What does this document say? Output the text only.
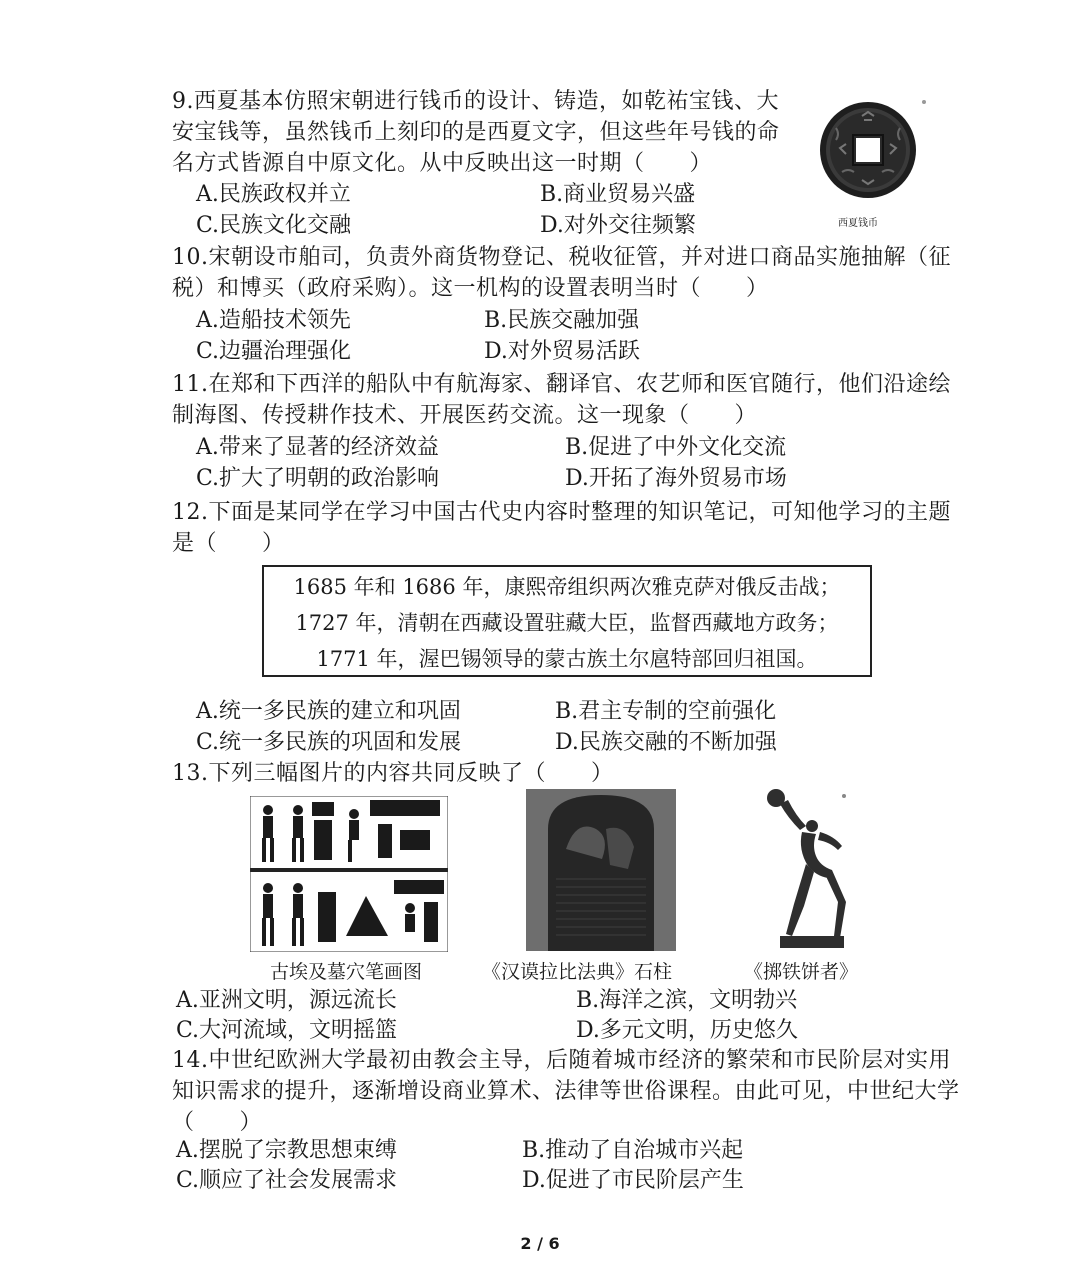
9.西夏基本仿照宋朝进行钱币的设计、铸造，如乾祐宝钱、大安宝钱等，虽然钱币上刻印的是西夏文字，但这些年号钱的命名方式皆源自中原文化。从中反映出这一时期（　　）
A.民族政权并立	B.商业贸易兴盛
C.民族文化交融	D.对外交往频繁	西夏钱币
10.宋朝设市舶司，负责外商货物登记、税收征管，并对进口商品实施抽解（征税）和博买（政府采购）。这一机构的设置表明当时（　　）
A.造船技术领先	B.民族交融加强
C.边疆治理强化	D.对外贸易活跃
11.在郑和下西洋的船队中有航海家、翻译官、农艺师和医官随行，他们沿途绘制海图、传授耕作技术、开展医药交流。这一现象（　　）
A.带来了显著的经济效益	B.促进了中外文化交流
C.扩大了明朝的政治影响	D.开拓了海外贸易市场
12.下面是某同学在学习中国古代史内容时整理的知识笔记，可知他学习的主题是（　　）
1685 年和 1686 年，康熙帝组织两次雅克萨对俄反击战；
1727 年，清朝在西藏设置驻藏大臣，监督西藏地方政务；
1771 年，渥巴锡领导的蒙古族土尔扈特部回归祖国。
A.统一多民族的建立和巩固	B.君主专制的空前强化
C.统一多民族的巩固和发展	D.民族交融的不断加强
13.下列三幅图片的内容共同反映了（　　）
古埃及墓穴笔画图	《汉谟拉比法典》石柱	《掷铁饼者》
A.亚洲文明，源远流长	B.海洋之滨，文明勃兴
C.大河流域，文明摇篮	D.多元文明，历史悠久
14.中世纪欧洲大学最初由教会主导，后随着城市经济的繁荣和市民阶层对实用知识需求的提升，逐渐增设商业算术、法律等世俗课程。由此可见，中世纪大学（　　）
A.摆脱了宗教思想束缚	B.推动了自治城市兴起
C.顺应了社会发展需求	D.促进了市民阶层产生
2 / 6
